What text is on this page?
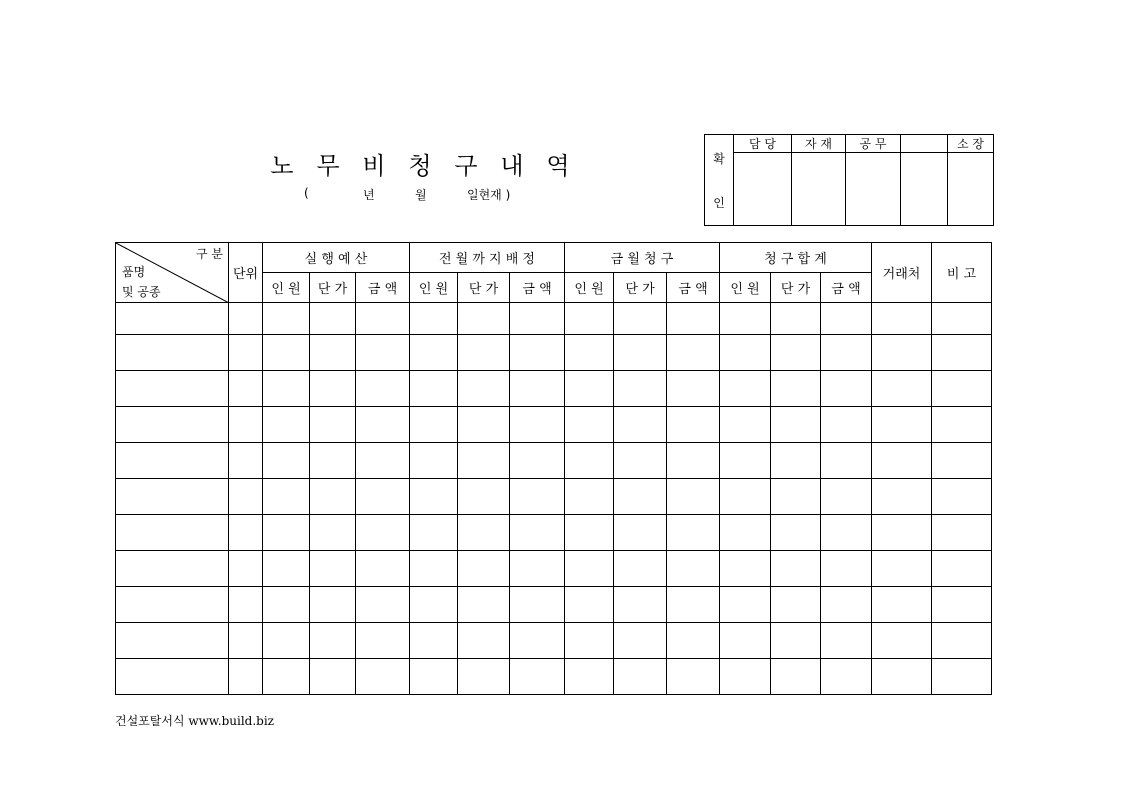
노 무 비 청 구 내 역
(	년	월	일현재 )
확
인	담 당	자 재	공 무		소 장

구 분
품명
및 공종	단위	실 행 예 산			전 월 까 지 배 정			금 월 청 구			청 구 합 계			거래처	비 고
		인 원	단 가	금 액	인 원	단 가	금 액	인 원	단 가	금 액	인 원	단 가	금 액		

건설포탈서식 www.build.biz
